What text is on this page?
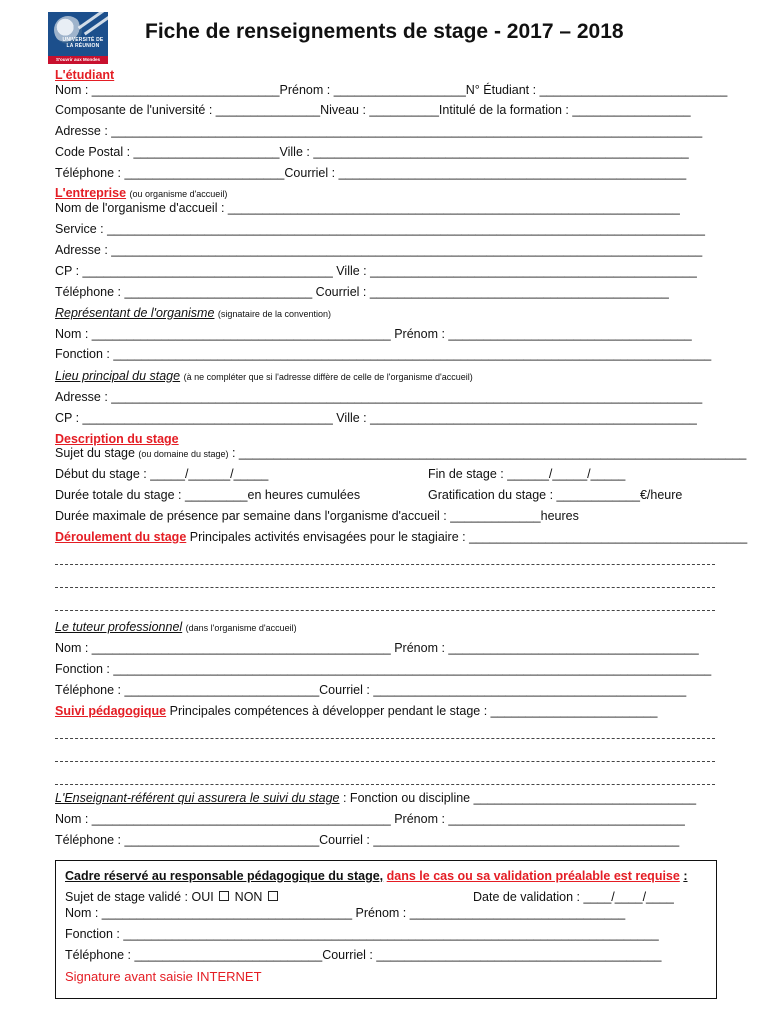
UNIVERSITÉ DE
LA RÉUNION
S'ouvrir aux Mondes
Fiche de renseignements de stage - 2017 – 2018
L'étudiant
Nom : ___________________________Prénom : ___________________N° Étudiant : ___________________________
Composante de l'université : _______________Niveau : __________Intitulé de la formation : _________________
Adresse : _____________________________________________________________________________________
Code Postal : _____________________Ville : ______________________________________________________
Téléphone : _______________________Courriel : __________________________________________________
L'entreprise (ou organisme d'accueil)
Nom de l'organisme d'accueil : _________________________________________________________________
Service : ______________________________________________________________________________________
Adresse : _____________________________________________________________________________________
CP : ____________________________________ Ville : _______________________________________________
Téléphone : ___________________________ Courriel : ___________________________________________
Représentant de l'organisme (signataire de la convention)
Nom : ___________________________________________ Prénom : ___________________________________
Fonction : ______________________________________________________________________________________
Lieu principal du stage (à ne compléter que si l'adresse diffère de celle de l'organisme d'accueil)
Adresse : _____________________________________________________________________________________
CP : ____________________________________ Ville : _______________________________________________
Description du stage
Sujet du stage (ou domaine du stage) : _________________________________________________________________________
Début du stage : _____/______/_____	Fin de stage : ______/_____/_____
Durée totale du stage : _________en heures cumulées	Gratification du stage : ____________€/heure
Durée maximale de présence par semaine dans l'organisme d'accueil : _____________heures
Déroulement du stage Principales activités envisagées pour le stagiaire : ________________________________________
Le tuteur professionnel (dans l'organisme d'accueil)
Nom : ___________________________________________ Prénom : ____________________________________
Fonction : ______________________________________________________________________________________
Téléphone : ____________________________Courriel : _____________________________________________
Suivi pédagogique Principales compétences à développer pendant le stage : ________________________
L'Enseignant-référent qui assurera le suivi du stage : Fonction ou discipline ________________________________
Nom : ___________________________________________ Prénom : __________________________________
Téléphone : ____________________________Courriel : ____________________________________________
Cadre réservé au responsable pédagogique du stage, dans le cas ou sa validation préalable est requise :
Sujet de stage validé : OUI NON	Date de validation : ____/____/____
Nom : ____________________________________ Prénom : _______________________________
Fonction : _____________________________________________________________________________
Téléphone : ___________________________Courriel : _________________________________________
Signature avant saisie INTERNET
